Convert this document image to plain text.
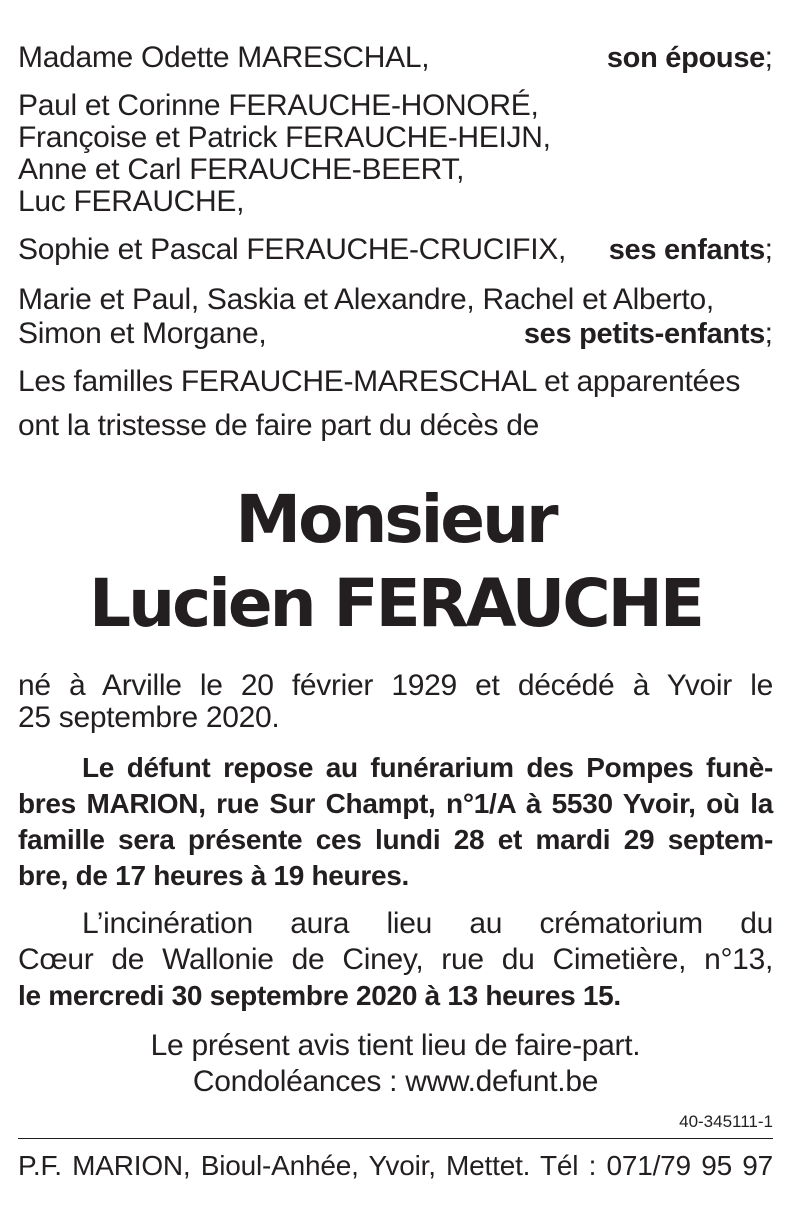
Madame Odette MARESCHAL,	son épouse ;
Paul et Corinne FERAUCHE-HONORÉ,
Françoise et Patrick FERAUCHE-HEIJN,
Anne et Carl FERAUCHE-BEERT,
Luc FERAUCHE,
Sophie et Pascal FERAUCHE-CRUCIFIX, ses enfants ;
Marie et Paul, Saskia et Alexandre, Rachel et Alberto,
Simon et Morgane,	ses petits-enfants ;
Les familles FERAUCHE-MARESCHAL et apparentées
ont la tristesse de faire part du décès de
Monsieur
Lucien FERAUCHE
né à Arville le 20 février 1929 et décédé à Yvoir le
25 septembre 2020.
Le défunt repose au funérarium des Pompes funè-
bres MARION, rue Sur Champt, n°1/A à 5530 Yvoir, où la
famille sera présente ces lundi 28 et mardi 29 septem-
bre, de 17 heures à 19 heures.
L’incinération aura lieu au crématorium du
Cœur de Wallonie de Ciney, rue du Cimetière, n°13,
le mercredi 30 septembre 2020 à 13 heures 15.
Le présent avis tient lieu de faire-part.
Condoléances : www.defunt.be
40-345111-1
P.F. MARION, Bioul-Anhée, Yvoir, Mettet. Tél : 071/79 95 97
